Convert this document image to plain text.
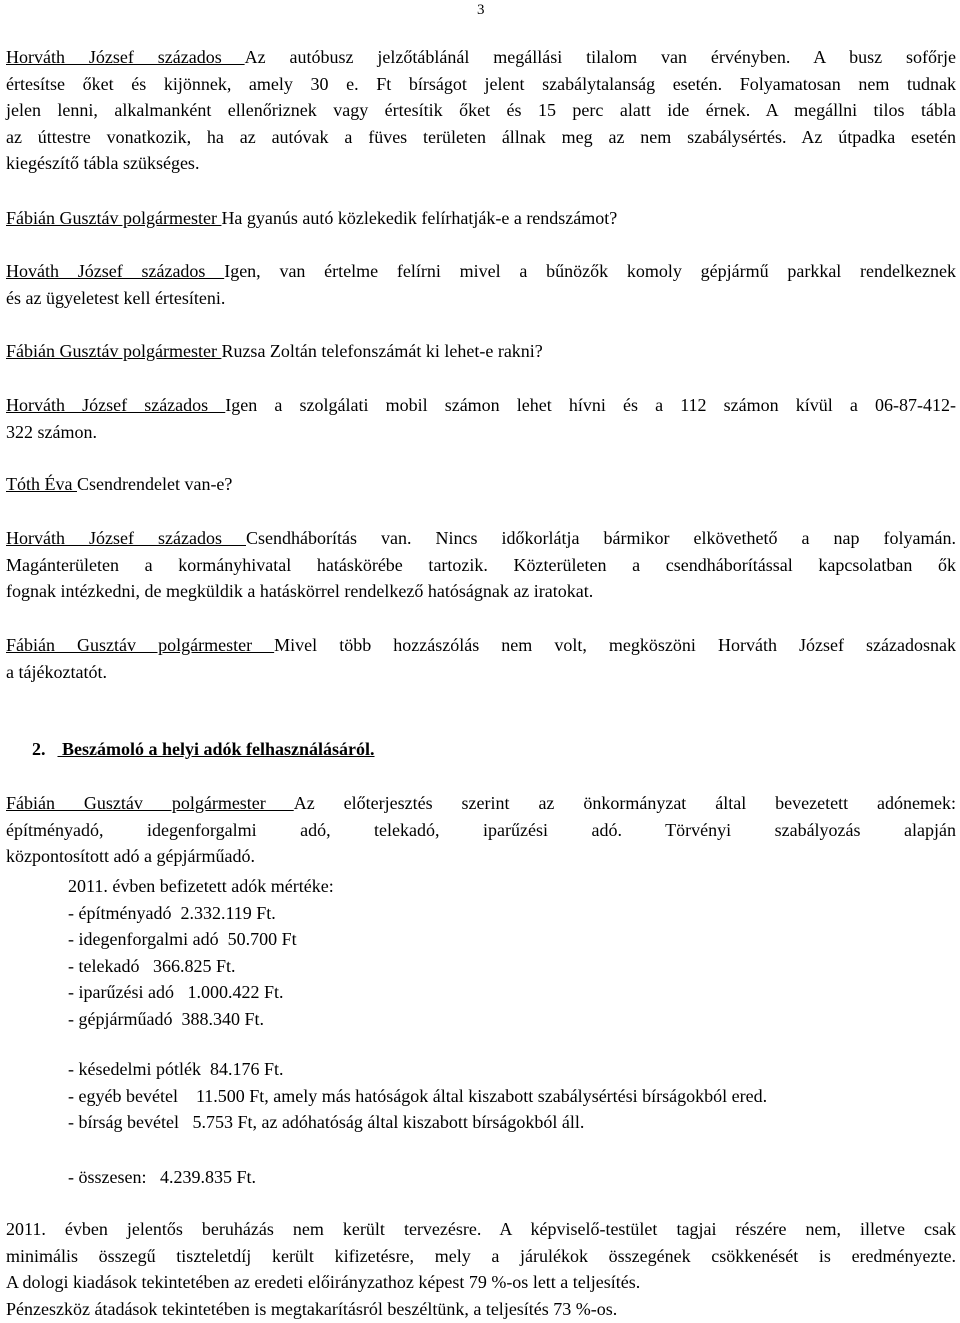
3
Horváth József százados Az autóbusz jelzőtáblánál megállási tilalom van érvényben. A busz sofőrje
értesítse őket és kijönnek, amely 30 e. Ft bírságot jelent szabálytalanság esetén. Folyamatosan nem tudnak
jelen lenni, alkalmanként ellenőriznek vagy értesítik őket és 15 perc alatt ide érnek. A megállni tilos tábla
az úttestre vonatkozik, ha az autóvak a füves területen állnak meg az nem szabálysértés. Az útpadka esetén
kiegészítő tábla szükséges.
Fábián Gusztáv polgármester Ha gyanús autó közlekedik felírhatják-e a rendszámot?
Hováth József százados Igen, van értelme felírni mivel a bűnözők komoly gépjármű parkkal rendelkeznek
és az ügyeletest kell értesíteni.
Fábián Gusztáv polgármester Ruzsa Zoltán telefonszámát ki lehet-e rakni?
Horváth József százados Igen a szolgálati mobil számon lehet hívni és a 112 számon kívül a 06-87-412-
322 számon.
Tóth Éva Csendrendelet van-e?
Horváth József százados Csendháborítás van. Nincs időkorlátja bármikor elkövethető a nap folyamán.
Magánterületen a kormányhivatal hatáskörébe tartozik. Közterületen a csendháborítással kapcsolatban ők
fognak intézkedni, de megküldik a hatáskörrel rendelkező hatóságnak az iratokat.
Fábián Gusztáv polgármester Mivel több hozzászólás nem volt, megköszöni Horváth József századosnak
a tájékoztatót.
2. Beszámoló a helyi adók felhasználásáról.
Fábián Gusztáv polgármester Az előterjesztés szerint az önkormányzat által bevezetett adónemek:
építményadó, idegenforgalmi adó, telekadó, iparűzési adó. Törvényi szabályozás alapján
központosított adó a gépjárműadó.
2011. évben befizetett adók mértéke:
- építményadó  2.332.119 Ft.
- idegenforgalmi adó  50.700 Ft
- telekadó   366.825 Ft.
- iparűzési adó   1.000.422 Ft.
- gépjárműadó  388.340 Ft.
- késedelmi pótlék  84.176 Ft.
- egyéb bevétel    11.500 Ft, amely más hatóságok által kiszabott szabálysértési bírságokból ered.
- bírság bevétel   5.753 Ft, az adóhatóság által kiszabott bírságokból áll.
- összesen:   4.239.835 Ft.
2011. évben jelentős beruházás nem került tervezésre. A képviselő-testület tagjai részére nem, illetve csak
minimális összegű tiszteletdíj került kifizetésre, mely a járulékok összegének csökkenését is eredményezte.
A dologi kiadások tekintetében az eredeti előirányzathoz képest 79 %-os lett a teljesítés.
Pénzeszköz átadások tekintetében is megtakarításról beszéltünk, a teljesítés 73 %-os.
